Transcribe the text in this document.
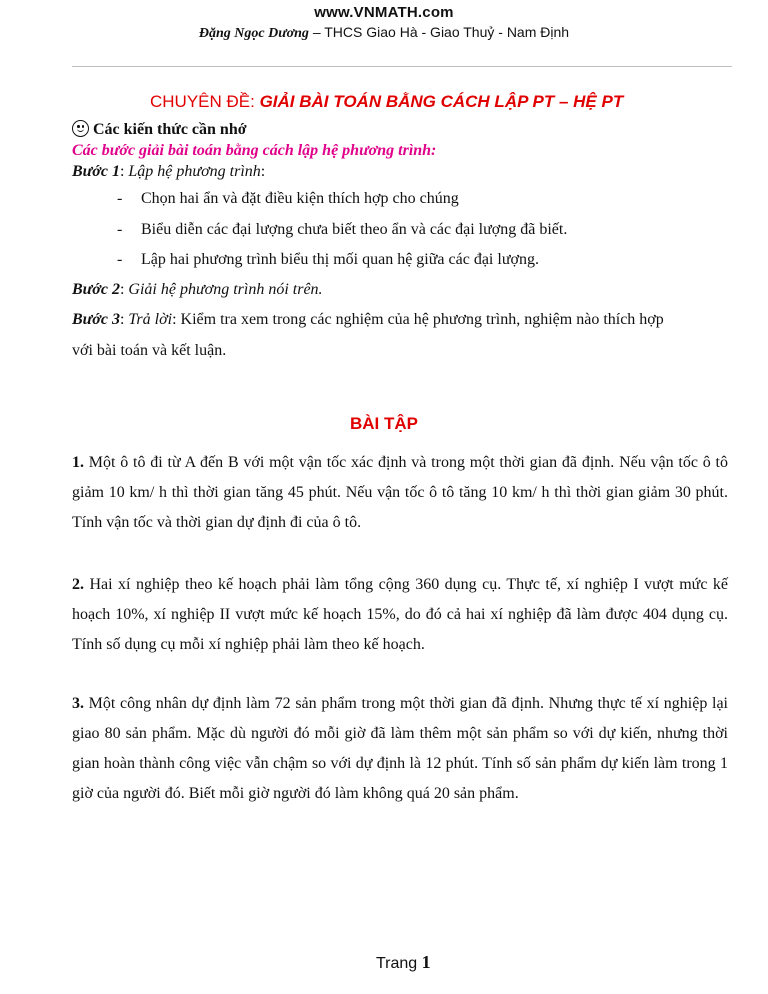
www.VNMATH.com
Đặng Ngọc Dương – THCS Giao Hà - Giao Thuỷ - Nam Định
CHUYÊN ĐỀ: GIẢI BÀI TOÁN BẰNG CÁCH LẬP PT – HỆ PT
Các kiến thức cần nhớ
Các bước giải bài toán bằng cách lập hệ phương trình:
Bước 1: Lập hệ phương trình:
- Chọn hai ẩn và đặt điều kiện thích hợp cho chúng
- Biểu diễn các đại lượng chưa biết theo ẩn và các đại lượng đã biết.
- Lập hai phương trình biểu thị mối quan hệ giữa các đại lượng.
Bước 2: Giải hệ phương trình nói trên.
Bước 3: Trả lời: Kiểm tra xem trong các nghiệm của hệ phương trình, nghiệm nào thích hợp
với bài toán và kết luận.
BÀI TẬP
1. Một ô tô đi từ A đến B với một vận tốc xác định và trong một thời gian đã định. Nếu vận tốc ô tô giảm 10 km/ h thì thời gian tăng 45 phút. Nếu vận tốc ô tô tăng 10 km/ h thì thời gian giảm 30 phút. Tính vận tốc và thời gian dự định đi của ô tô.
2. Hai xí nghiệp theo kế hoạch phải làm tổng cộng 360 dụng cụ. Thực tế, xí nghiệp I vượt mức kế hoạch 10%, xí nghiệp II vượt mức kế hoạch 15%, do đó cả hai xí nghiệp đã làm được 404 dụng cụ. Tính số dụng cụ mỗi xí nghiệp phải làm theo kế hoạch.
3. Một công nhân dự định làm 72 sản phẩm trong một thời gian đã định. Nhưng thực tế xí nghiệp lại giao 80 sản phẩm. Mặc dù người đó mỗi giờ đã làm thêm một sản phẩm so với dự kiến, nhưng thời gian hoàn thành công việc vẫn chậm so với dự định là 12 phút. Tính số sản phẩm dự kiến làm trong 1 giờ của người đó. Biết mỗi giờ người đó làm không quá 20 sản phẩm.
Trang 1
